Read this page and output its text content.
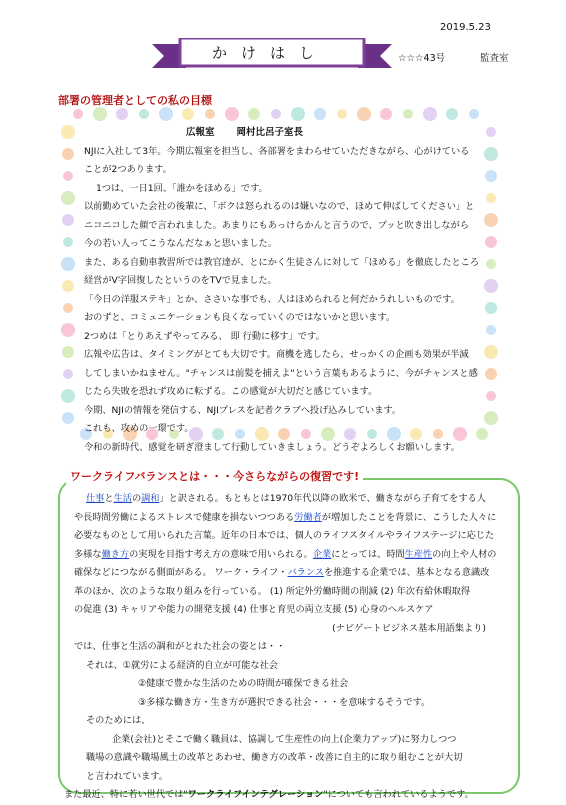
2019.5.23
かけはし	☆☆☆43号	監査室
部署の管理者としての私の目標
広報室 岡村比呂子室長

NJIに入社して3年。今期広報室を担当し、各部署をまわらせていただきながら、心がけている

ことが2つあります。

1つは、一日1回、「誰かをほめる」です。

以前勤めていた会社の後輩に、「ボクは怒られるのは嫌いなので、ほめて伸ばしてください」と

ニコニコした顔で言われました。あまりにもあっけらかんと言うので、プッと吹き出しながら

今の若い人ってこうなんだなぁと思いました。

また、ある自動車教習所では教官達が、とにかく生徒さんに対して「ほめる」を徹底したところ

経営がV字回復したというのをTVで見ました。

「今日の洋服ステキ」とか、ささいな事でも、人はほめられると何だかうれしいものです。

おのずと、コミュニケーションも良くなっていくのではないかと思います。

2つめは「とりあえずやってみる、 即 行動に移す」です。

広報や広告は、タイミングがとても大切です。商機を逃したら、せっかくの企画も効果が半減

してしまいかねません。"チャンスは前髪を捕えよ"という言葉もあるように、今がチャンスと感

じたら失敗を恐れず攻めに転ずる。この感覚が大切だと感じています。

今期、NJIの情報を発信する、NJIプレスを記者クラブへ投げ込みしています。

これも、攻めの一環です。

令和の新時代、感覚を研ぎ澄まして行動していきましょう。どうぞよろしくお願いします。

ワークライフバランスとは・・・今さらながらの復習です!

仕事と生活の調和」と訳される。もともとは1970年代以降の欧米で、働きながら子育てをする人

や長時間労働によるストレスで健康を損ないつつある労働者が増加したことを背景に、こうした人々に

必要なものとして用いられた言葉。近年の日本では、個人のライフスタイルやライフステージに応じた

多様な働き方の実現を目指す考え方の意味で用いられる。企業にとっては、時間生産性の向上や人材の

確保などにつながる側面がある。 ワーク・ライフ・バランスを推進する企業では、基本となる意識改

革のほか、次のような取り組みを行っている。 (1) 所定外労働時間の削減 (2) 年次有給休暇取得

の促進 (3) キャリアや能力の開発支援 (4) 仕事と育児の両立支援 (5) 心身のヘルスケア

(ナビゲートビジネス基本用語集より)

では、仕事と生活の調和がとれた社会の姿とは・・

それは、①就労による経済的自立が可能な社会

②健康で豊かな生活のための時間が確保できる社会

③多様な働き方・生き方が選択できる社会・・・を意味するそうです。

そのためには、

企業(会社)とそこで働く職員は、協調して生産性の向上(企業力アップ)に努力しつつ

職場の意識や職場風土の改革とあわせ、働き方の改革・改善に自主的に取り組むことが大切

と言われています。

また最近、特に若い世代では"ワークライフインテグレーション"についても言われているようです。
